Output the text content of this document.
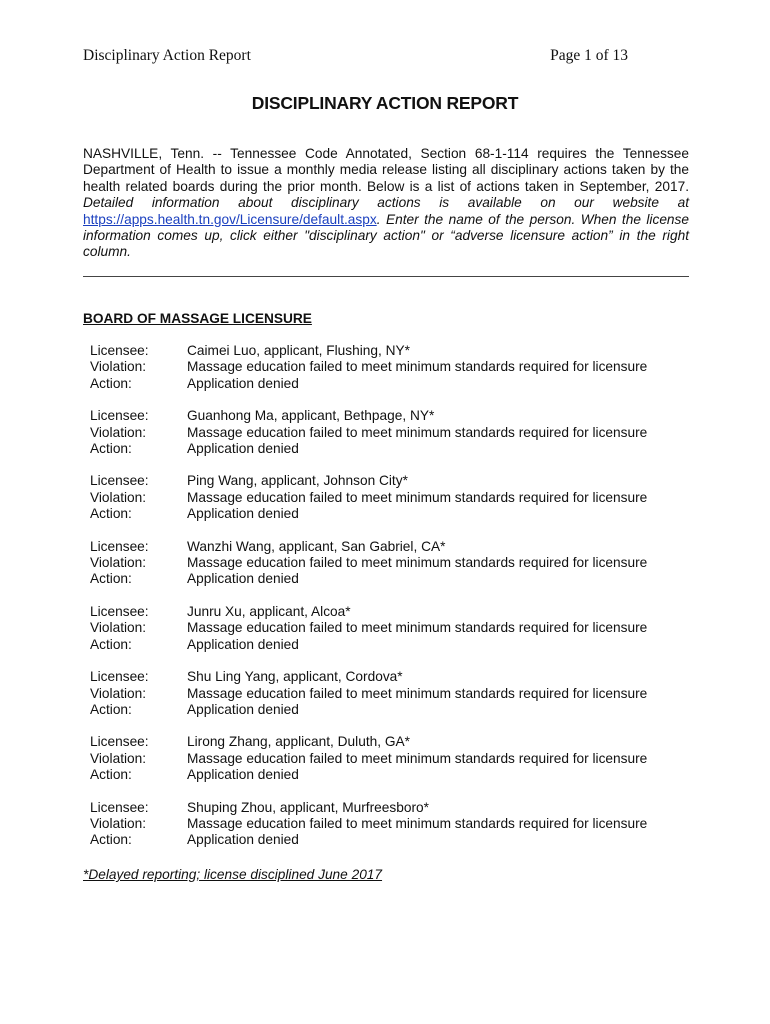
Disciplinary Action Report	Page 1 of 13
DISCIPLINARY ACTION REPORT

NASHVILLE, Tenn. -- Tennessee Code Annotated, Section 68-1-114 requires the Tennessee Department of Health to issue a monthly media release listing all disciplinary actions taken by the health related boards during the prior month. Below is a list of actions taken in September, 2017. Detailed information about disciplinary actions is available on our website at https://apps.health.tn.gov/Licensure/default.aspx. Enter the name of the person. When the license information comes up, click either "disciplinary action" or “adverse licensure action” in the right column.

BOARD OF MASSAGE LICENSURE
Licensee:	Caimei Luo, applicant, Flushing, NY*
Violation:	Massage education failed to meet minimum standards required for licensure
Action:	Application denied
Licensee:	Guanhong Ma, applicant, Bethpage, NY*
Violation:	Massage education failed to meet minimum standards required for licensure
Action:	Application denied
Licensee:	Ping Wang, applicant, Johnson City*
Violation:	Massage education failed to meet minimum standards required for licensure
Action:	Application denied
Licensee:	Wanzhi Wang, applicant, San Gabriel, CA*
Violation:	Massage education failed to meet minimum standards required for licensure
Action:	Application denied
Licensee:	Junru Xu, applicant, Alcoa*
Violation:	Massage education failed to meet minimum standards required for licensure
Action:	Application denied
Licensee:	Shu Ling Yang, applicant, Cordova*
Violation:	Massage education failed to meet minimum standards required for licensure
Action:	Application denied
Licensee:	Lirong Zhang, applicant, Duluth, GA*
Violation:	Massage education failed to meet minimum standards required for licensure
Action:	Application denied
Licensee:	Shuping Zhou, applicant, Murfreesboro*
Violation:	Massage education failed to meet minimum standards required for licensure
Action:	Application denied
*Delayed reporting; license disciplined June 2017
